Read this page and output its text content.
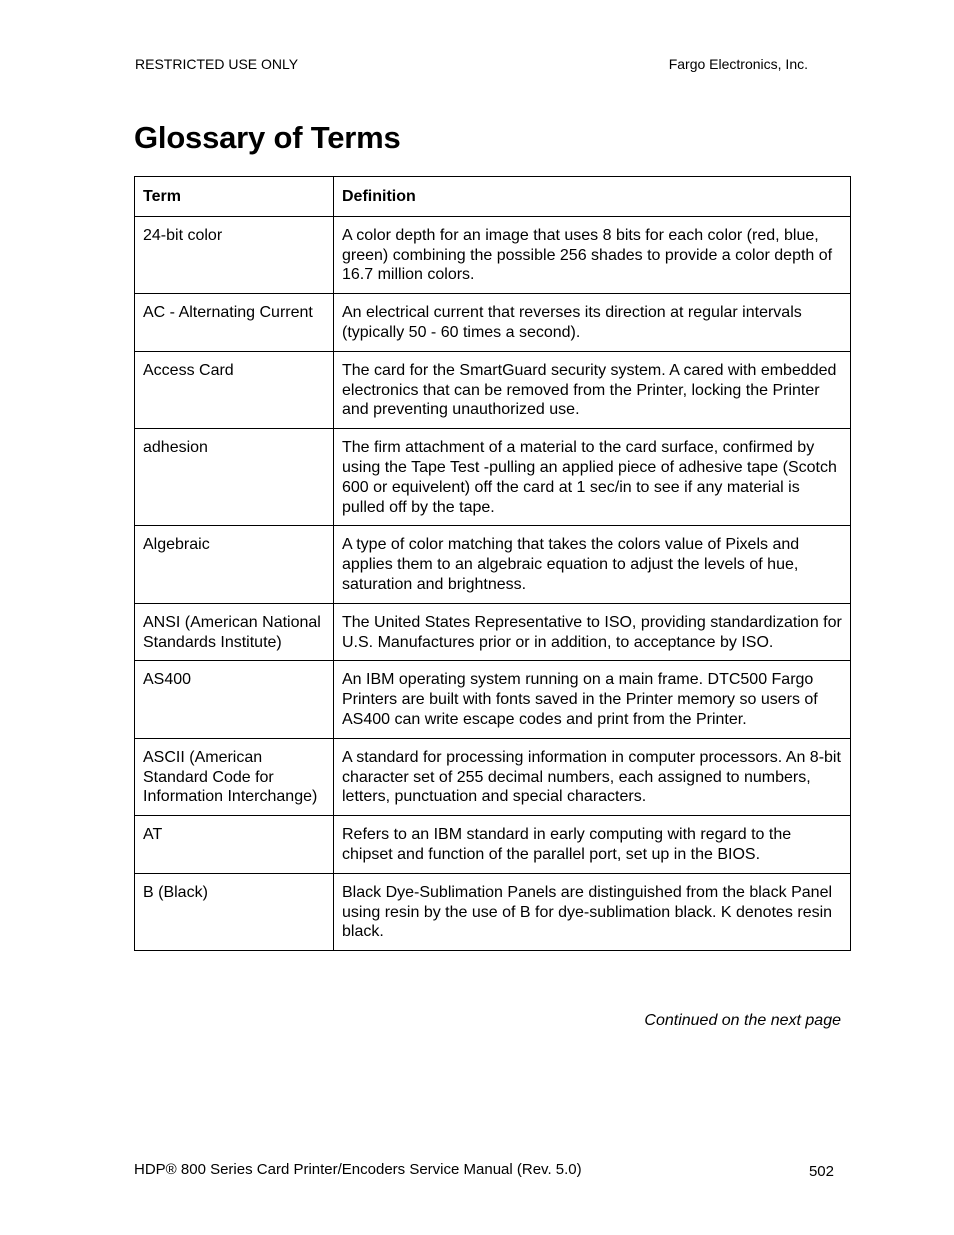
RESTRICTED USE ONLY	Fargo Electronics, Inc.
Glossary of Terms
Term	Definition
24-bit color	A color depth for an image that uses 8 bits for each color (red, blue, green) combining the possible 256 shades to provide a color depth of 16.7 million colors.
AC - Alternating Current	An electrical current that reverses its direction at regular intervals (typically 50 - 60 times a second).
Access Card	The card for the SmartGuard security system. A cared with embedded electronics that can be removed from the Printer, locking the Printer and preventing unauthorized use.
adhesion	The firm attachment of a material to the card surface, confirmed by using the Tape Test -pulling an applied piece of adhesive tape (Scotch 600 or equivelent) off the card at 1 sec/in to see if any material is pulled off by the tape.
Algebraic	A type of color matching that takes the colors value of Pixels and applies them to an algebraic equation to adjust the levels of hue, saturation and brightness.
ANSI (American National Standards Institute)	The United States Representative to ISO, providing standardization for U.S. Manufactures prior or in addition, to acceptance by ISO.
AS400	An IBM operating system running on a main frame. DTC500 Fargo Printers are built with fonts saved in the Printer memory so users of AS400 can write escape codes and print from the Printer.
ASCII (American Standard Code for Information Interchange)	A standard for processing information in computer processors. An 8-bit character set of 255 decimal numbers, each assigned to numbers, letters, punctuation and special characters.
AT	Refers to an IBM standard in early computing with regard to the chipset and function of the parallel port, set up in the BIOS.
B (Black)	Black Dye-Sublimation Panels are distinguished from the black Panel using resin by the use of B for dye-sublimation black. K denotes resin black.
Continued on the next page
HDP® 800 Series Card Printer/Encoders Service Manual (Rev. 5.0)	502
